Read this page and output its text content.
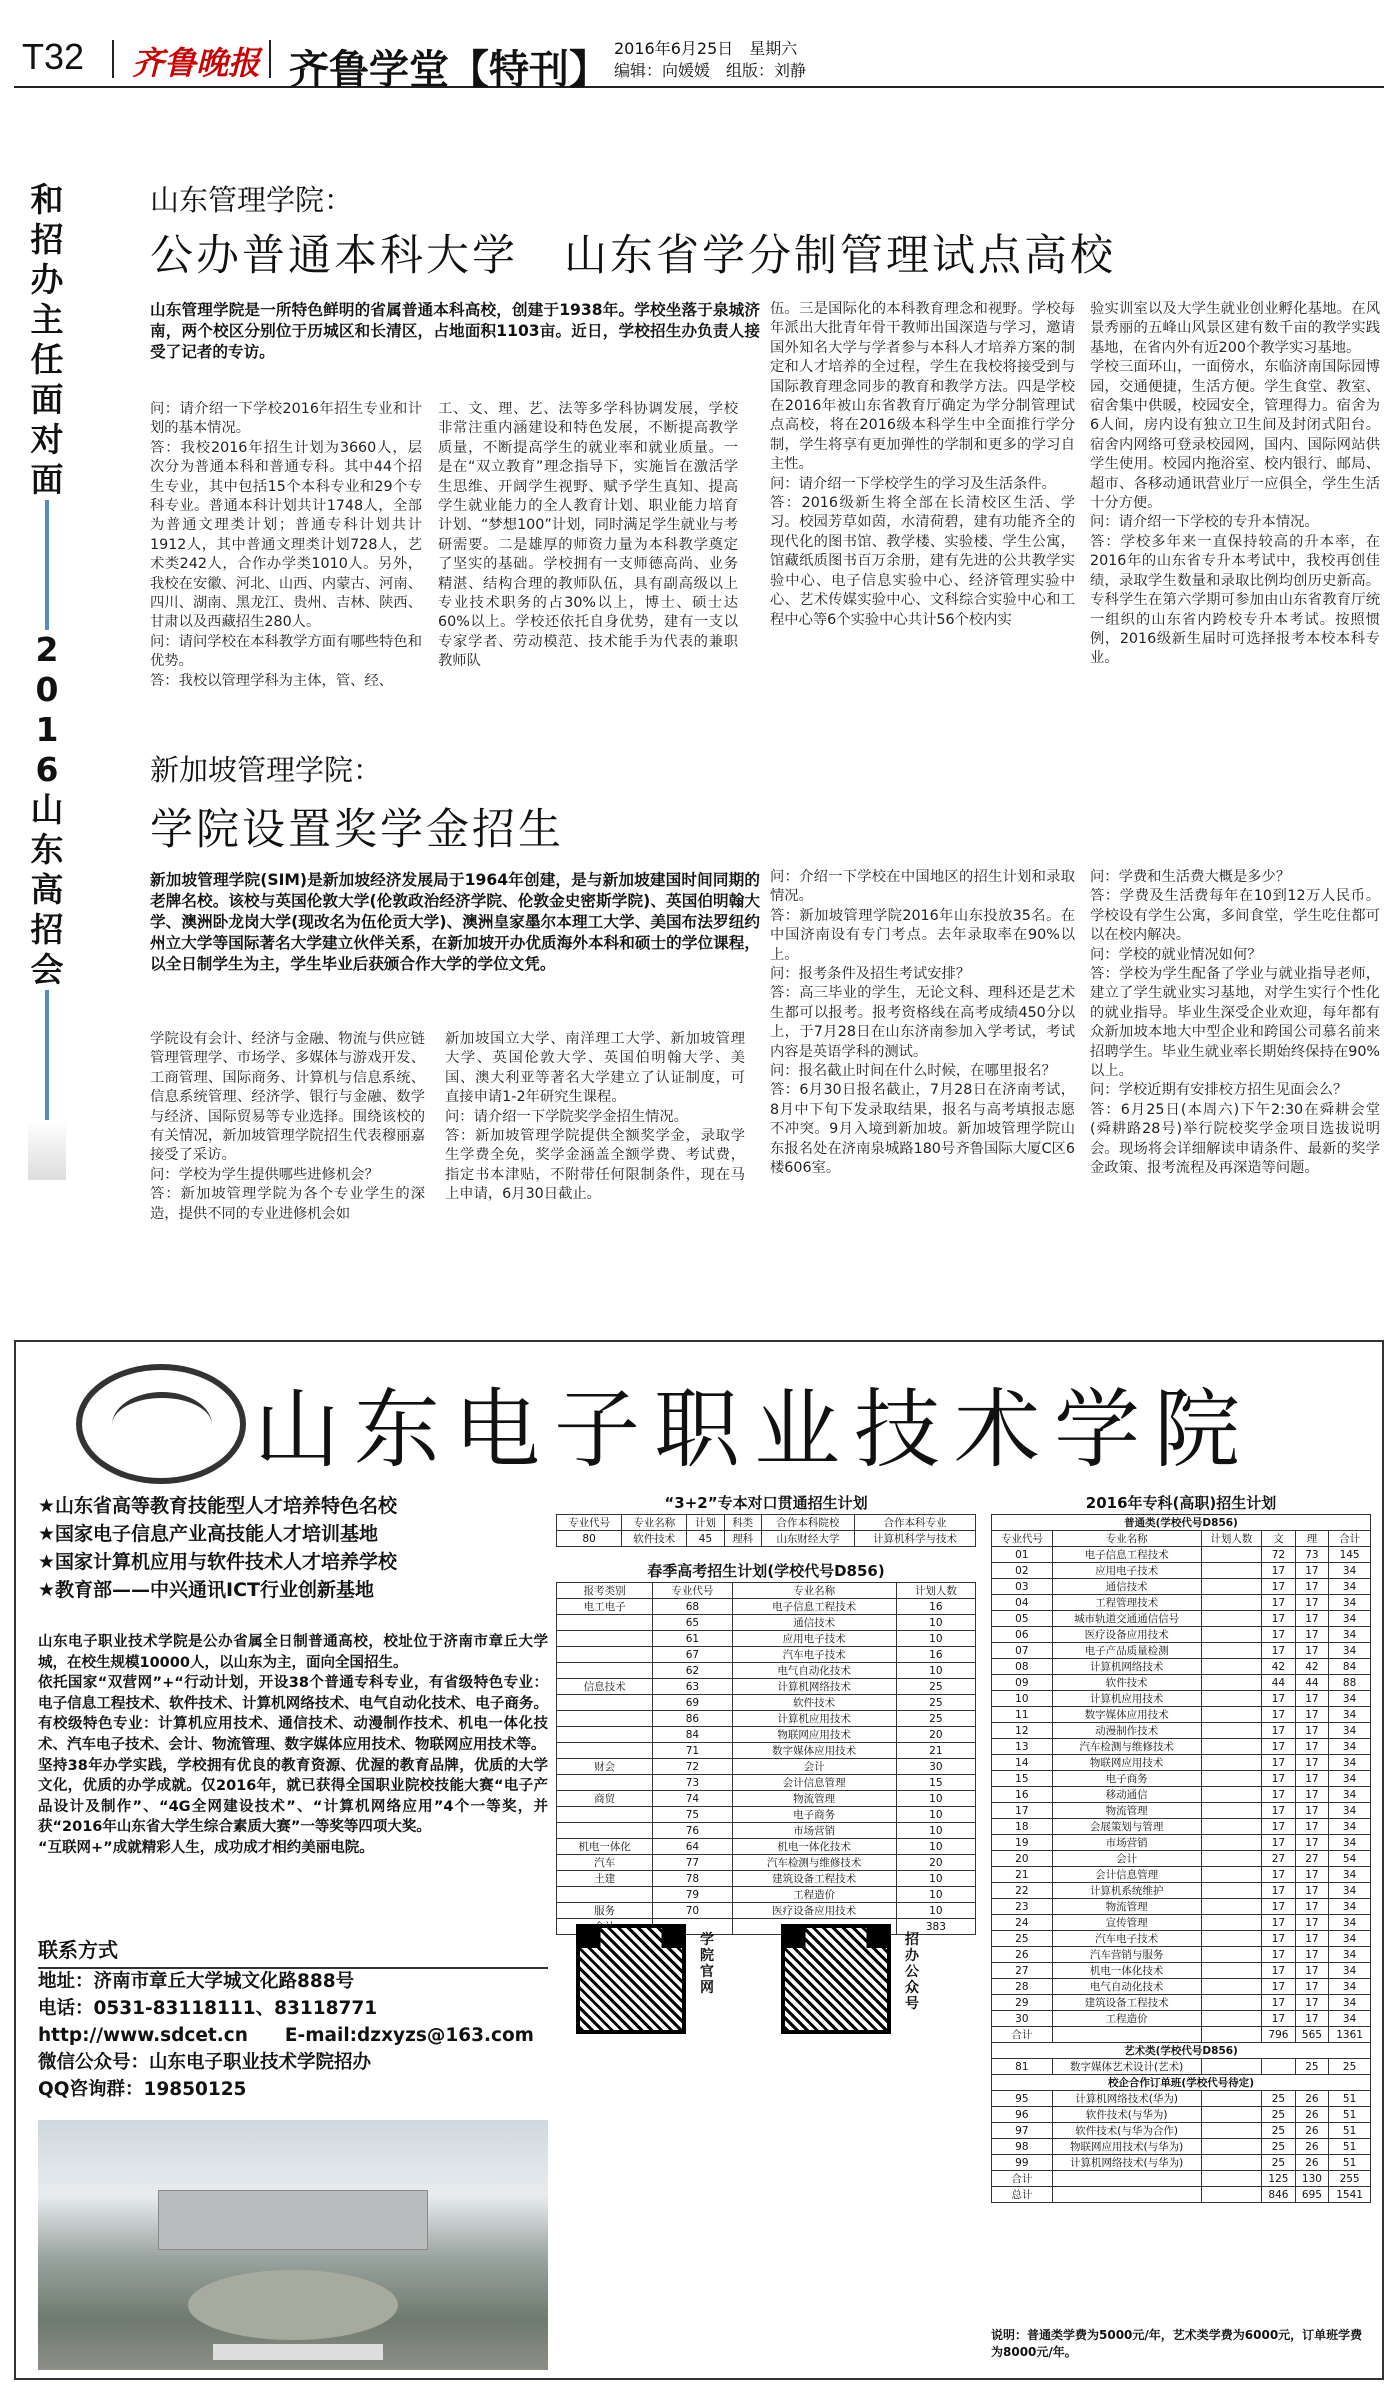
T32 齐鲁晚报 齐鲁学堂【特刊】 2016年6月25日　星期六
编辑：向媛媛　组版：刘静
和招办主任面对面
2016山东高招会
山东管理学院：
公办普通本科大学　山东省学分制管理试点高校
山东管理学院是一所特色鲜明的省属普通本科高校，创建于1938年。学校坐落于泉城济南，两个校区分别位于历城区和长清区，占地面积1103亩。近日，学校招生办负责人接受了记者的专访。
问：请介绍一下学校2016年招生专业和计划的基本情况。
答：我校2016年招生计划为3660人，层次分为普通本科和普通专科。其中44个招生专业，其中包括15个本科专业和29个专科专业。普通本科计划共计1748人，全部为普通文理类计划；普通专科计划共计1912人，其中普通文理类计划728人，艺术类242人，合作办学类1010人。另外，我校在安徽、河北、山西、内蒙古、河南、四川、湖南、黑龙江、贵州、吉林、陕西、甘肃以及西藏招生280人。
问：请问学校在本科教学方面有哪些特色和优势。
答：我校以管理学科为主体，管、经、
工、文、理、艺、法等多学科协调发展，学校非常注重内涵建设和特色发展，不断提高教学质量，不断提高学生的就业率和就业质量。一是在“双立教育”理念指导下，实施旨在激活学生思维、开阔学生视野、赋予学生真知、提高学生就业能力的全人教育计划、职业能力培育计划、“梦想100”计划，同时满足学生就业与考研需要。二是雄厚的师资力量为本科教学奠定了坚实的基础。学校拥有一支师德高尚、业务精湛、结构合理的教师队伍，具有副高级以上专业技术职务的占30%以上，博士、硕士达60%以上。学校还依托自身优势，建有一支以专家学者、劳动模范、技术能手为代表的兼职教师队
伍。三是国际化的本科教育理念和视野。学校每年派出大批青年骨干教师出国深造与学习，邀请国外知名大学与学者参与本科人才培养方案的制定和人才培养的全过程，学生在我校将接受到与国际教育理念同步的教育和教学方法。四是学校在2016年被山东省教育厅确定为学分制管理试点高校，将在2016级本科学生中全面推行学分制，学生将享有更加弹性的学制和更多的学习自主性。
问：请介绍一下学校学生的学习及生活条件。
答：2016级新生将全部在长清校区生活、学习。校园芳草如茵，水清荷碧，建有功能齐全的现代化的图书馆、教学楼、实验楼、学生公寓，馆藏纸质图书百万余册，建有先进的公共教学实验中心、电子信息实验中心、经济管理实验中心、艺术传媒实验中心、文科综合实验中心和工程中心等6个实验中心共计56个校内实
验实训室以及大学生就业创业孵化基地。在风景秀丽的五峰山风景区建有数千亩的教学实践基地，在省内外有近200个教学实习基地。
学校三面环山，一面傍水，东临济南国际园博园，交通便捷，生活方便。学生食堂、教室、宿舍集中供暖，校园安全，管理得力。宿舍为6人间，房内设有独立卫生间及封闭式阳台。宿舍内网络可登录校园网，国内、国际网站供学生使用。校园内拖浴室、校内银行、邮局、超市、各移动通讯营业厅一应俱全，学生生活十分方便。
问：请介绍一下学校的专升本情况。
答：学校多年来一直保持较高的升本率，在2016年的山东省专升本考试中，我校再创佳绩，录取学生数量和录取比例均创历史新高。专科学生在第六学期可参加由山东省教育厅统一组织的山东省内跨校专升本考试。按照惯例，2016级新生届时可选择报考本校本科专业。
新加坡管理学院：
学院设置奖学金招生
新加坡管理学院(SIM)是新加坡经济发展局于1964年创建，是与新加坡建国时间同期的老牌名校。该校与英国伦敦大学(伦敦政治经济学院、伦敦金史密斯学院)、英国伯明翰大学、澳洲卧龙岗大学(现改名为伍伦贡大学)、澳洲皇家墨尔本理工大学、美国布法罗纽约州立大学等国际著名大学建立伙伴关系，在新加坡开办优质海外本科和硕士的学位课程，以全日制学生为主，学生毕业后获颁合作大学的学位文凭。
学院设有会计、经济与金融、物流与供应链管理管理学、市场学、多媒体与游戏开发、工商管理、国际商务、计算机与信息系统、信息系统管理、经济学、银行与金融、数学与经济、国际贸易等专业选择。围绕该校的有关情况，新加坡管理学院招生代表穆丽嘉接受了采访。
问：学校为学生提供哪些进修机会？
答：新加坡管理学院为各个专业学生的深造，提供不同的专业进修机会如
新加坡国立大学、南洋理工大学、新加坡管理大学、英国伦敦大学、英国伯明翰大学、美国、澳大利亚等著名大学建立了认证制度，可直接申请1-2年研究生课程。
问：请介绍一下学院奖学金招生情况。
答：新加坡管理学院提供全额奖学金，录取学生学费全免，奖学金涵盖全额学费、考试费，指定书本津贴，不附带任何限制条件，现在马上申请，6月30日截止。
问：介绍一下学校在中国地区的招生计划和录取情况。
答：新加坡管理学院2016年山东投放35名。在中国济南设有专门考点。去年录取率在90%以上。
问：报考条件及招生考试安排？
答：高三毕业的学生，无论文科、理科还是艺术生都可以报考。报考资格线在高考成绩450分以上，于7月28日在山东济南参加入学考试，考试内容是英语学科的测试。
问：报名截止时间在什么时候，在哪里报名？
答：6月30日报名截止，7月28日在济南考试，8月中下旬下发录取结果，报名与高考填报志愿不冲突。9月入境到新加坡。新加坡管理学院山东报名处在济南泉城路180号齐鲁国际大厦C区6楼606室。
问：学费和生活费大概是多少？
答：学费及生活费每年在10到12万人民币。学校设有学生公寓，多间食堂，学生吃住都可以在校内解决。
问：学校的就业情况如何？
答：学校为学生配备了学业与就业指导老师，建立了学生就业实习基地，对学生实行个性化的就业指导。毕业生深受企业欢迎，每年都有众新加坡本地大中型企业和跨国公司慕名前来招聘学生。毕业生就业率长期始终保持在90%以上。
问：学校近期有安排校方招生见面会么？
答：6月25日(本周六)下午2:30在舜耕会堂(舜耕路28号)举行院校奖学金项目选拔说明会。现场将会详细解读申请条件、最新的奖学金政策、报考流程及再深造等问题。
山东电子职业技术学院
★山东省高等教育技能型人才培养特色名校
★国家电子信息产业高技能人才培训基地
★国家计算机应用与软件技术人才培养学校
★教育部——中兴通讯ICT行业创新基地
山东电子职业技术学院是公办省属全日制普通高校，校址位于济南市章丘大学城，在校生规模10000人，以山东为主，面向全国招生。
依托国家“双营网”+“行动计划，开设38个普通专科专业，有省级特色专业：电子信息工程技术、软件技术、计算机网络技术、电气自动化技术、电子商务。有校级特色专业：计算机应用技术、通信技术、动漫制作技术、机电一体化技术、汽车电子技术、会计、物流管理、数字媒体应用技术、物联网应用技术等。
坚持38年办学实践，学校拥有优良的教育资源、优渥的教育品牌，优质的大学文化，优质的办学成就。仅2016年，就已获得全国职业院校技能大赛“电子产品设计及制作”、“4G全网建设技术”、“计算机网络应用”4个一等奖，并获“2016年山东省大学生综合素质大赛”一等奖等四项大奖。
“互联网+”成就精彩人生，成功成才相约美丽电院。
联系方式
地址：济南市章丘大学城文化路888号
电话：0531-83118111、83118771
http://www.sdcet.cn　　E-mail:dzxyzs@163.com
微信公众号：山东电子职业技术学院招办
QQ咨询群：19850125
“3+2”专本对口贯通招生计划
专业代号	专业名称	计划	科类	合作本科院校	合作本科专业
80	软件技术	45	理科	山东财经大学	计算机科学与技术
春季高考招生计划(学校代号D856)
报考类别	专业代号	专业名称	计划人数
电工电子	68	电子信息工程技术	16
	65	通信技术	10
	61	应用电子技术	10
	67	汽车电子技术	16
	62	电气自动化技术	10
信息技术	63	计算机网络技术	25
	69	软件技术	25
	86	计算机应用技术	25
	84	物联网应用技术	20
	71	数字媒体应用技术	21
财会	72	会计	30
	73	会计信息管理	15
商贸	74	物流管理	10
	75	电子商务	10
	76	市场营销	10
机电一体化	64	机电一体化技术	10
汽车	77	汽车检测与维修技术	20
土建	78	建筑设备工程技术	10
	79	工程造价	10
服务	70	医疗设备应用技术	10
			383
学院官网
招办公众号
2016年专科(高职)招生计划
普通类(学校代号D856)					
专业代号	专业名称	计划人数	文	理	合计
01	电子信息工程技术		72	73	145
02	应用电子技术		17	17	34
03	通信技术		17	17	34
04	工程管理技术		17	17	34
05	城市轨道交通通信信号		17	17	34
06	医疗设备应用技术		17	17	34
07	电子产品质量检测		17	17	34
08	计算机网络技术		42	42	84
09	软件技术		44	44	88
10	计算机应用技术		17	17	34
11	数字媒体应用技术		17	17	34
12	动漫制作技术		17	17	34
13	汽车检测与维修技术		17	17	34
14	物联网应用技术		17	17	34
15	电子商务		17	17	34
16	移动通信		17	17	34
17	物流管理		17	17	34
18	会展策划与管理		17	17	34
19	市场营销		17	17	34
20	会计		27	27	54
21	会计信息管理		17	17	34
22	计算机系统维护		17	17	34
23	物流管理		17	17	34
24	宣传管理		17	17	34
25	汽车电子技术		17	17	34
26	汽车营销与服务		17	17	34
27	机电一体化技术		17	17	34
28	电气自动化技术		17	17	34
29	建筑设备工程技术		17	17	34
30	工程造价		17	17	34
合计			796	565	1361
艺术类(学校代号D856)					
81	数字媒体艺术设计(艺术)			25	25
校企合作订单班(学校代号待定)					
95	计算机网络技术(华为)		25	26	51
96	软件技术(与华为)		25	26	51
97	软件技术(与华为合作)		25	26	51
98	物联网应用技术(与华为)		25	26	51
99	计算机网络技术(与华为)		25	26	51
合计			125	130	255
总计			846	695	1541
说明：普通类学费为5000元/年，艺术类学费为6000元，订单班学费为8000元/年。
